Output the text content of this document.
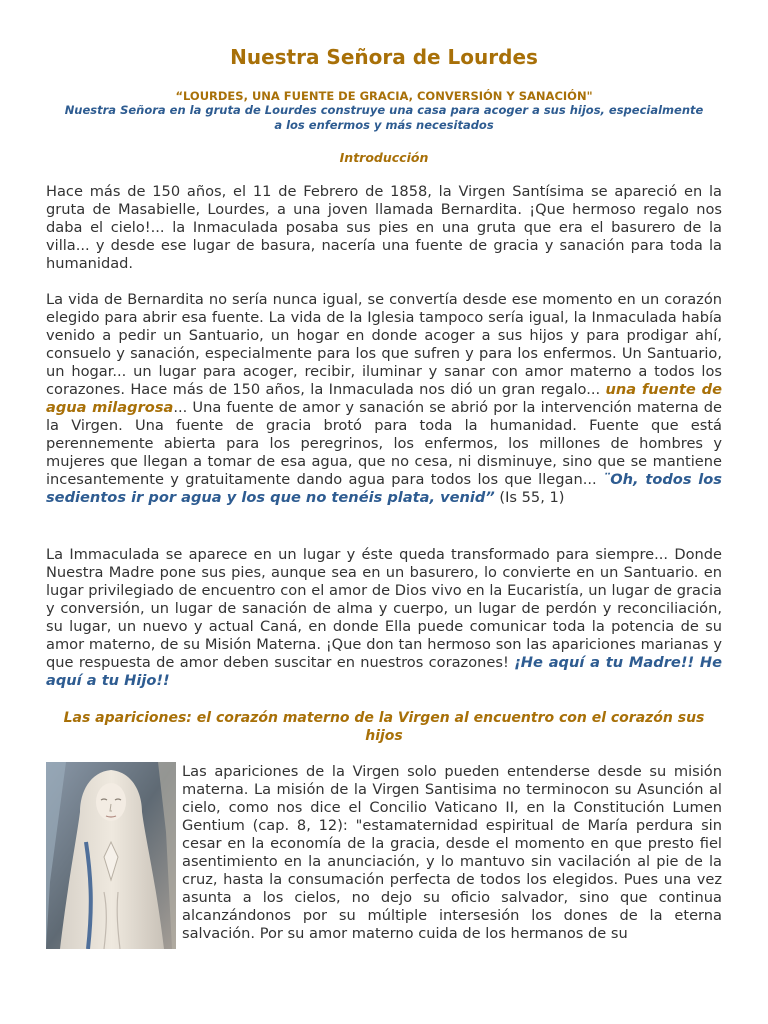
Nuestra Señora de Lourdes

“LOURDES, UNA FUENTE DE GRACIA, CONVERSIÓN Y SANACIÓN"

Nuestra Señora en la gruta de Lourdes construye una casa para acoger a sus hijos, especialmente a los enfermos y más necesitados

Introducción

Hace más de 150 años, el 11 de Febrero de 1858, la Virgen Santísima se apareció en la gruta de Masabielle, Lourdes, a una joven llamada Bernardita. ¡Que hermoso regalo nos daba el cielo!... la Inmaculada posaba sus pies en una gruta que era el basurero de la villa... y desde ese lugar de basura, nacería una fuente de gracia y sanación para toda la humanidad.

La vida de Bernardita no sería nunca igual, se convertía desde ese momento en un corazón elegido para abrir esa fuente. La vida de la Iglesia tampoco sería igual, la Inmaculada había venido a pedir un Santuario, un hogar en donde acoger a sus hijos y para prodigar ahí, consuelo y sanación, especialmente para los que sufren y para los enfermos. Un Santuario, un hogar... un lugar para acoger, recibir, iluminar y sanar con amor materno a todos los corazones. Hace más de 150 años, la Inmaculada nos dió un gran regalo... una fuente de agua milagrosa... Una fuente de amor y sanación se abrió por la intervención materna de la Virgen. Una fuente de gracia brotó para toda la humanidad. Fuente que está perennemente abierta para los peregrinos, los enfermos, los millones de hombres y mujeres que llegan a tomar de esa agua, que no cesa, ni disminuye, sino que se mantiene incesantemente y gratuitamente dando agua para todos los que llegan... ¨Oh, todos los sedientos ir por agua y los que no tenéis plata, venid” (Is 55, 1)

La Immaculada se aparece en un lugar y éste queda transformado para siempre... Donde Nuestra Madre pone sus pies, aunque sea en un basurero, lo convierte en un Santuario. en lugar privilegiado de encuentro con el amor de Dios vivo en la Eucaristía, un lugar de gracia y conversión, un lugar de sanación de alma y cuerpo, un lugar de perdón y reconciliación, su lugar, un nuevo y actual Caná, en donde Ella puede comunicar toda la potencia de su amor materno, de su Misión Materna. ¡Que don tan hermoso son las apariciones marianas y que respuesta de amor deben suscitar en nuestros corazones! ¡He aquí a tu Madre!! He aquí a tu Hijo!!

Las apariciones: el corazón materno de la Virgen al encuentro con el corazón sus hijos

Las apariciones de la Virgen solo pueden entenderse desde su misión materna. La misión de la Virgen Santisima no terminocon su Asunción al cielo, como nos dice el Concilio Vaticano II, en la Constitución Lumen Gentium (cap. 8, 12): "estamaternidad espiritual de María perdura sin cesar en la economía de la gracia, desde el momento en que presto fiel asentimiento en la anunciación, y lo mantuvo sin vacilación al pie de la cruz, hasta la consumación perfecta de todos los elegidos. Pues una vez asunta a los cielos, no dejo su oficio salvador, sino que continua alcanzándonos por su múltiple intersesión los dones de la eterna salvación. Por su amor materno cuida de los hermanos de su
